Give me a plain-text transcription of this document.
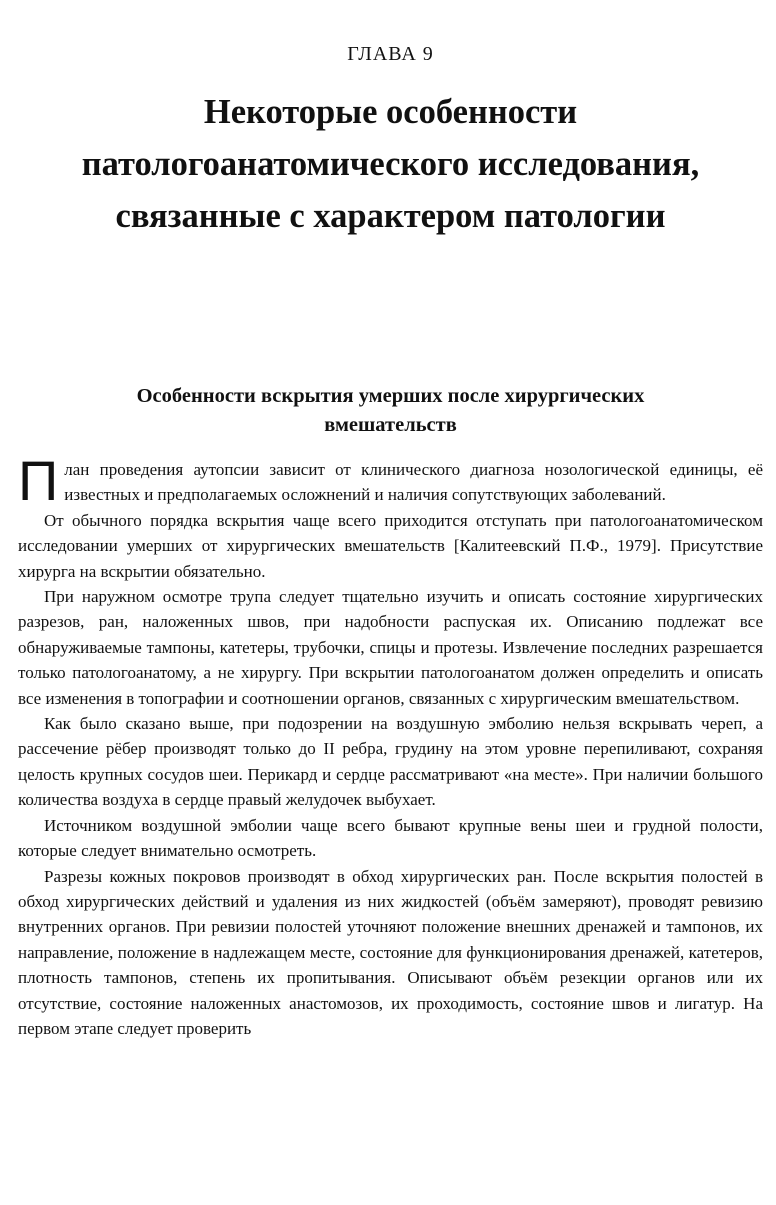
ГЛАВА 9
Некоторые особенности
патологоанатомического исследования,
связанные с характером патологии
Особенности вскрытия умерших после хирургических
вмешательств

План проведения аутопсии зависит от клинического диагноза нозологической единицы, её известных и предполагаемых осложнений и наличия сопутствующих заболеваний.

От обычного порядка вскрытия чаще всего приходится отступать при патологоанатомическом исследовании умерших от хирургических вмешательств [Калитеевский П.Ф., 1979]. Присутствие хирурга на вскрытии обязательно.

При наружном осмотре трупа следует тщательно изучить и описать состояние хирургических разрезов, ран, наложенных швов, при надобности распуская их. Описанию подлежат все обнаруживаемые тампоны, катетеры, трубочки, спицы и протезы. Извлечение последних разрешается только патологоанатому, а не хирургу. При вскрытии патологоанатом должен определить и описать все изменения в топографии и соотношении органов, связанных с хирургическим вмешательством.

Как было сказано выше, при подозрении на воздушную эмболию нельзя вскрывать череп, а рассечение рёбер производят только до II ребра, грудину на этом уровне перепиливают, сохраняя целость крупных сосудов шеи. Перикард и сердце рассматривают «на месте». При наличии большого количества воздуха в сердце правый желудочек выбухает.

Источником воздушной эмболии чаще всего бывают крупные вены шеи и грудной полости, которые следует внимательно осмотреть.

Разрезы кожных покровов производят в обход хирургических ран. После вскрытия полостей в обход хирургических действий и удаления из них жидкостей (объём замеряют), проводят ревизию внутренних органов. При ревизии полостей уточняют положение внешних дренажей и тампонов, их направление, положение в надлежащем месте, состояние для функционирования дренажей, катетеров, плотность тампонов, степень их пропитывания. Описывают объём резекции органов или их отсутствие, состояние наложенных анастомозов, их проходимость, состояние швов и лигатур. На первом этапе следует проверить
